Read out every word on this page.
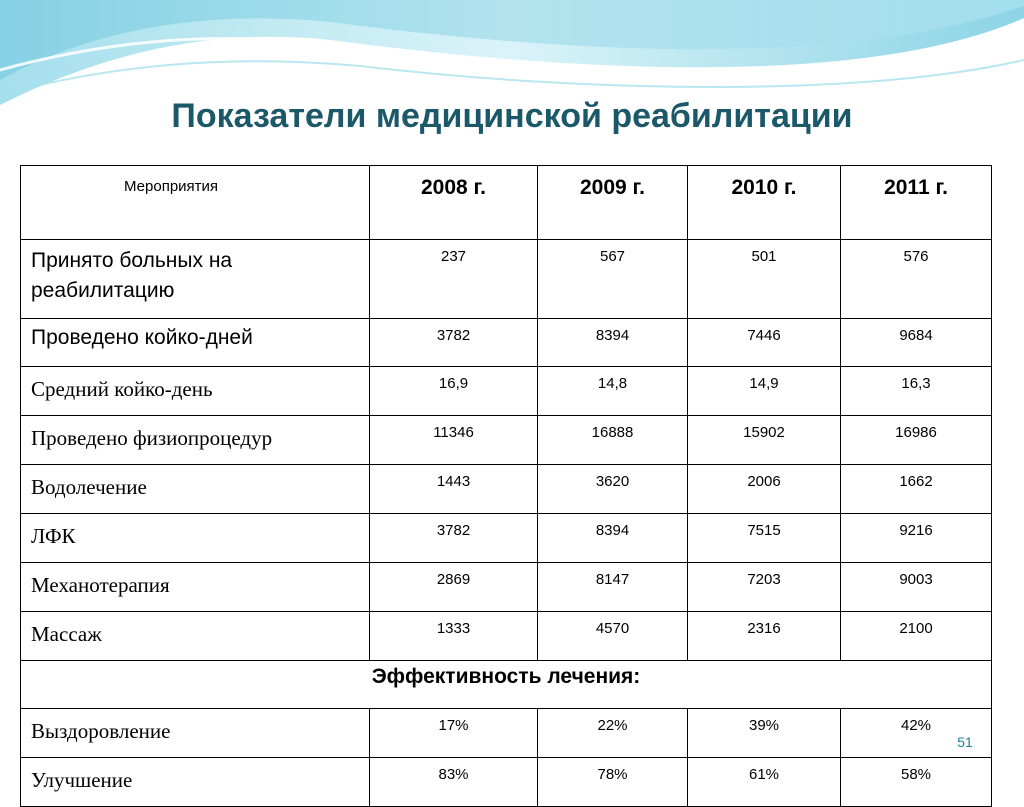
Показатели медицинской реабилитации
Мероприятия	2008 г.	2009 г.	2010 г.	2011 г.
Принято больных на реабилитацию	237	567	501	576
Проведено койко-дней	3782	8394	7446	9684
Средний койко-день	16,9	14,8	14,9	16,3
Проведено физиопроцедур	11346	16888	15902	16986
Водолечение	1443	3620	2006	1662
ЛФК	3782	8394	7515	9216
Механотерапия	2869	8147	7203	9003
Массаж	1333	4570	2316	2100
Эффективность лечения:				
Выздоровление	17%	22%	39%	42%
Улучшение	83%	78%	61%	58%
51
